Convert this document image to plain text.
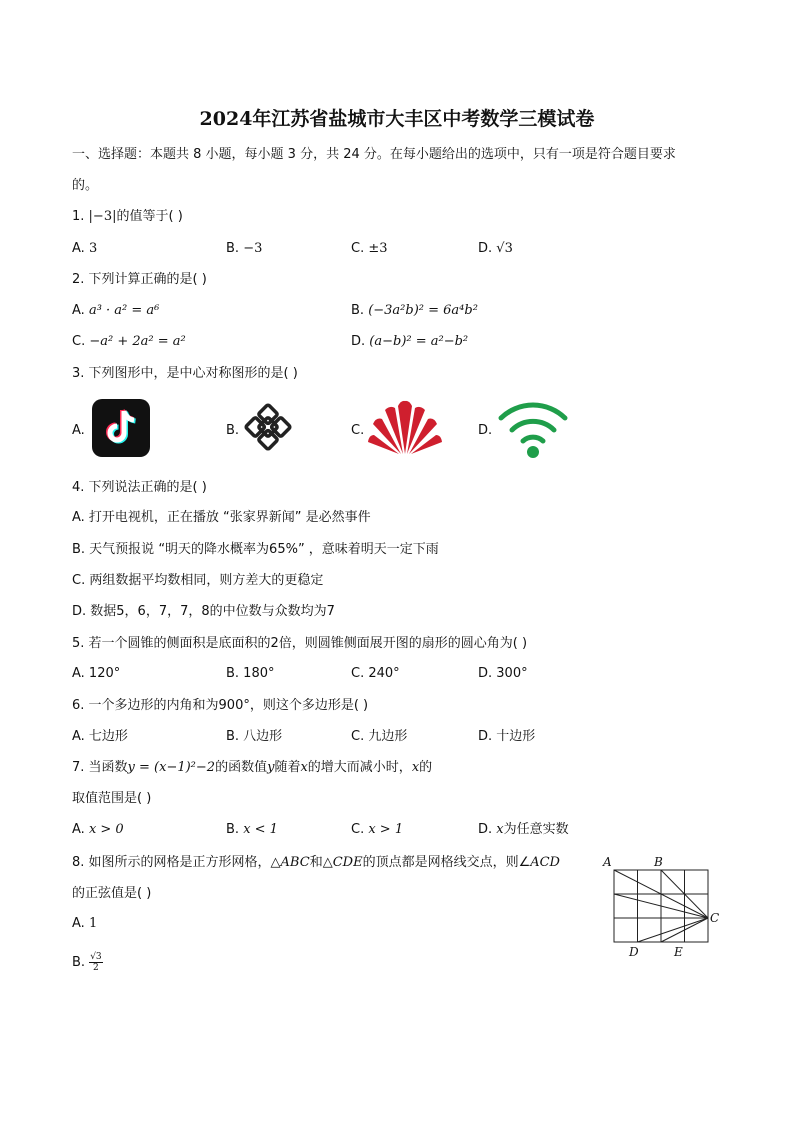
2024年江苏省盐城市大丰区中考数学三模试卷
一、选择题：本题共 8 小题，每小题 3 分，共 24 分。在每小题给出的选项中，只有一项是符合题目要求
的。
1. |−3|的值等于( )
A. 3	B. −3	C. ±3	D. √3
2. 下列计算正确的是( )
A. a³ · a² = a⁶	B. (−3a²b)² = 6a⁴b²
C. −a² + 2a² = a²	D. (a−b)² = a²−b²
3. 下列图形中，是中心对称图形的是( )
A.	B.	C.	D.
4. 下列说法正确的是( )
A. 打开电视机，正在播放 “张家界新闻” 是必然事件
B. 天气预报说 “明天的降水概率为65%” ，意味着明天一定下雨
C. 两组数据平均数相同，则方差大的更稳定
D. 数据5，6，7，7，8的中位数与众数均为7
5. 若一个圆锥的侧面积是底面积的2倍，则圆锥侧面展开图的扇形的圆心角为( )
A. 120°	B. 180°	C. 240°	D. 300°
6. 一个多边形的内角和为900°，则这个多边形是( )
A. 七边形	B. 八边形	C. 九边形	D. 十边形
7. 当函数y = (x−1)²−2的函数值y随着x的增大而减小时，x的
取值范围是( )
A. x > 0	B. x < 1	C. x > 1	D. x为任意实数
8. 如图所示的网格是正方形网格，△ABC和△CDE的顶点都是网格线交点，则∠ACD
的正弦值是( )
A. 1
B. $\frac{√3}{2}$
A	B
C
D	E
